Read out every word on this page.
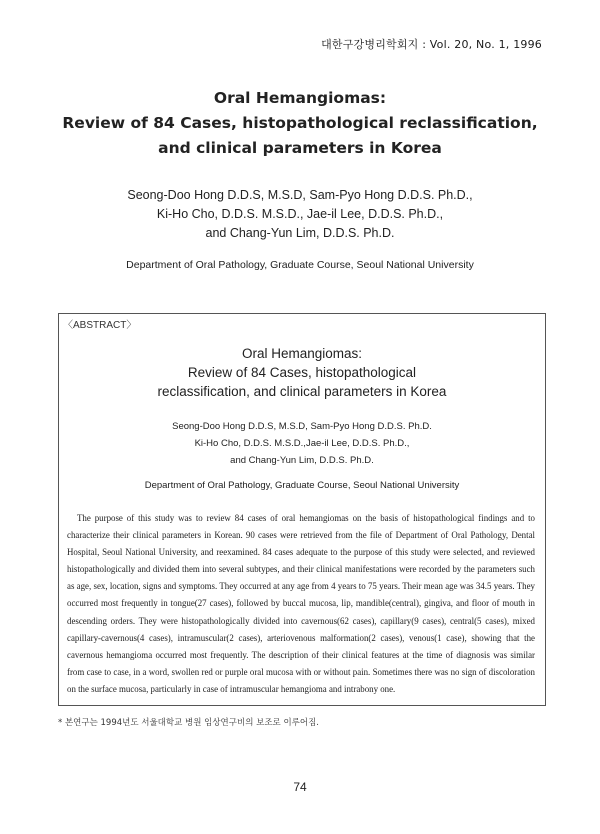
대한구강병리학회지 : Vol. 20, No. 1, 1996
Oral Hemangiomas:
Review of 84 Cases, histopathological reclassification,
and clinical parameters in Korea
Seong-Doo Hong D.D.S, M.S.D, Sam-Pyo Hong D.D.S. Ph.D.,
Ki-Ho Cho, D.D.S. M.S.D., Jae-il Lee, D.D.S. Ph.D.,
and Chang-Yun Lim, D.D.S. Ph.D.
Department of Oral Pathology, Graduate Course, Seoul National University
〈ABSTRACT〉
Oral Hemangiomas:
Review of 84 Cases, histopathological
reclassification, and clinical parameters in Korea
Seong-Doo Hong D.D.S, M.S.D, Sam-Pyo Hong D.D.S. Ph.D.
Ki-Ho Cho, D.D.S. M.S.D.,Jae-il Lee, D.D.S. Ph.D.,
and Chang-Yun Lim, D.D.S. Ph.D.
Department of Oral Pathology, Graduate Course, Seoul National University
The purpose of this study was to review 84 cases of oral hemangiomas on the basis of histopathological findings and to characterize their clinical parameters in Korean. 90 cases were retrieved from the file of Department of Oral Pathology, Dental Hospital, Seoul National University, and reexamined. 84 cases adequate to the purpose of this study were selected, and reviewed histopathologically and divided them into several subtypes, and their clinical manifestations were recorded by the parameters such as age, sex, location, signs and symptoms. They occurred at any age from 4 years to 75 years. Their mean age was 34.5 years. They occurred most frequently in tongue(27 cases), followed by buccal mucosa, lip, mandible(central), gingiva, and floor of mouth in descending orders. They were histopathologically divided into cavernous(62 cases), capillary(9 cases), central(5 cases), mixed capillary-cavernous(4 cases), intramuscular(2 cases), arteriovenous malformation(2 cases), venous(1 case), showing that the cavernous hemangioma occurred most frequently. The description of their clinical features at the time of diagnosis was similar from case to case, in a word, swollen red or purple oral mucosa with or without pain. Sometimes there was no sign of discoloration on the surface mucosa, particularly in case of intramuscular hemangioma and intrabony one.
* 본연구는 1994년도 서울대학교 병원 임상연구비의 보조로 이루어짐.
74
